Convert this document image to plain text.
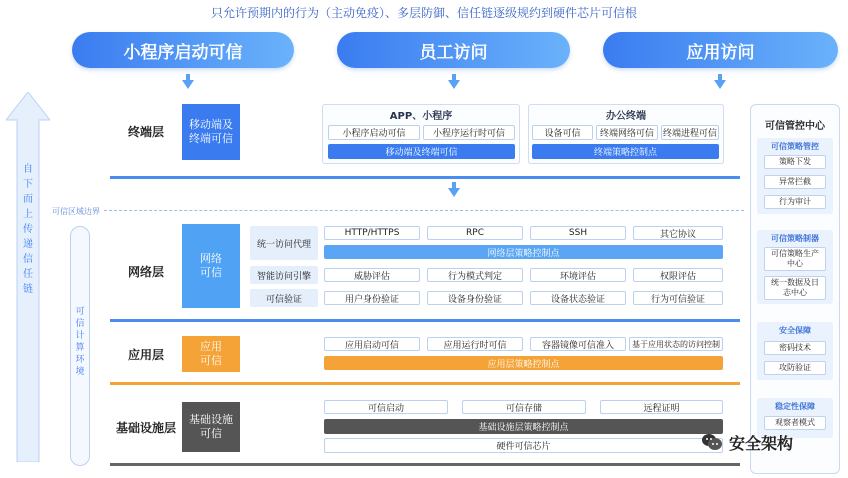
只允许预期内的行为（主动免疫）、多层防御、信任链逐级规约到硬件芯片可信根
小程序启动可信	员工访问	应用访问
自
下
而
上
传
递
信
任
链
可
信
计
算
环
境
终端层	移动端及
终端可信
APP、小程序
小程序启动可信	小程序运行时可信
移动端及终端可信
办公终端
设备可信	终端网络可信 终端进程可信
终端策略控制点
可信区域边界
网络层
网络
可信
统一访问代理
HTTP/HTTPS	RPC	SSH	其它协议
网络层策略控制点
智能访问引擎	威胁评估	行为模式判定	环境评估	权限评估
可信验证	用户身份验证	设备身份验证	设备状态验证	行为可信验证
应用层
应用
可信
应用启动可信	应用运行时可信	容器镜像可信准入	基于应用状态的访问控制
应用层策略控制点
基础设施层
基础设施
可信
可信启动	可信存储	远程证明
基础设施层策略控制点
硬件可信芯片
可信管控中心
可信策略管控
策略下发
异常拦截
行为审计
可信策略制器
可信策略生产中心
统一数据及日志中心
安全保障
密码技术
攻防验证
稳定性保障
观察者模式
安全架构
